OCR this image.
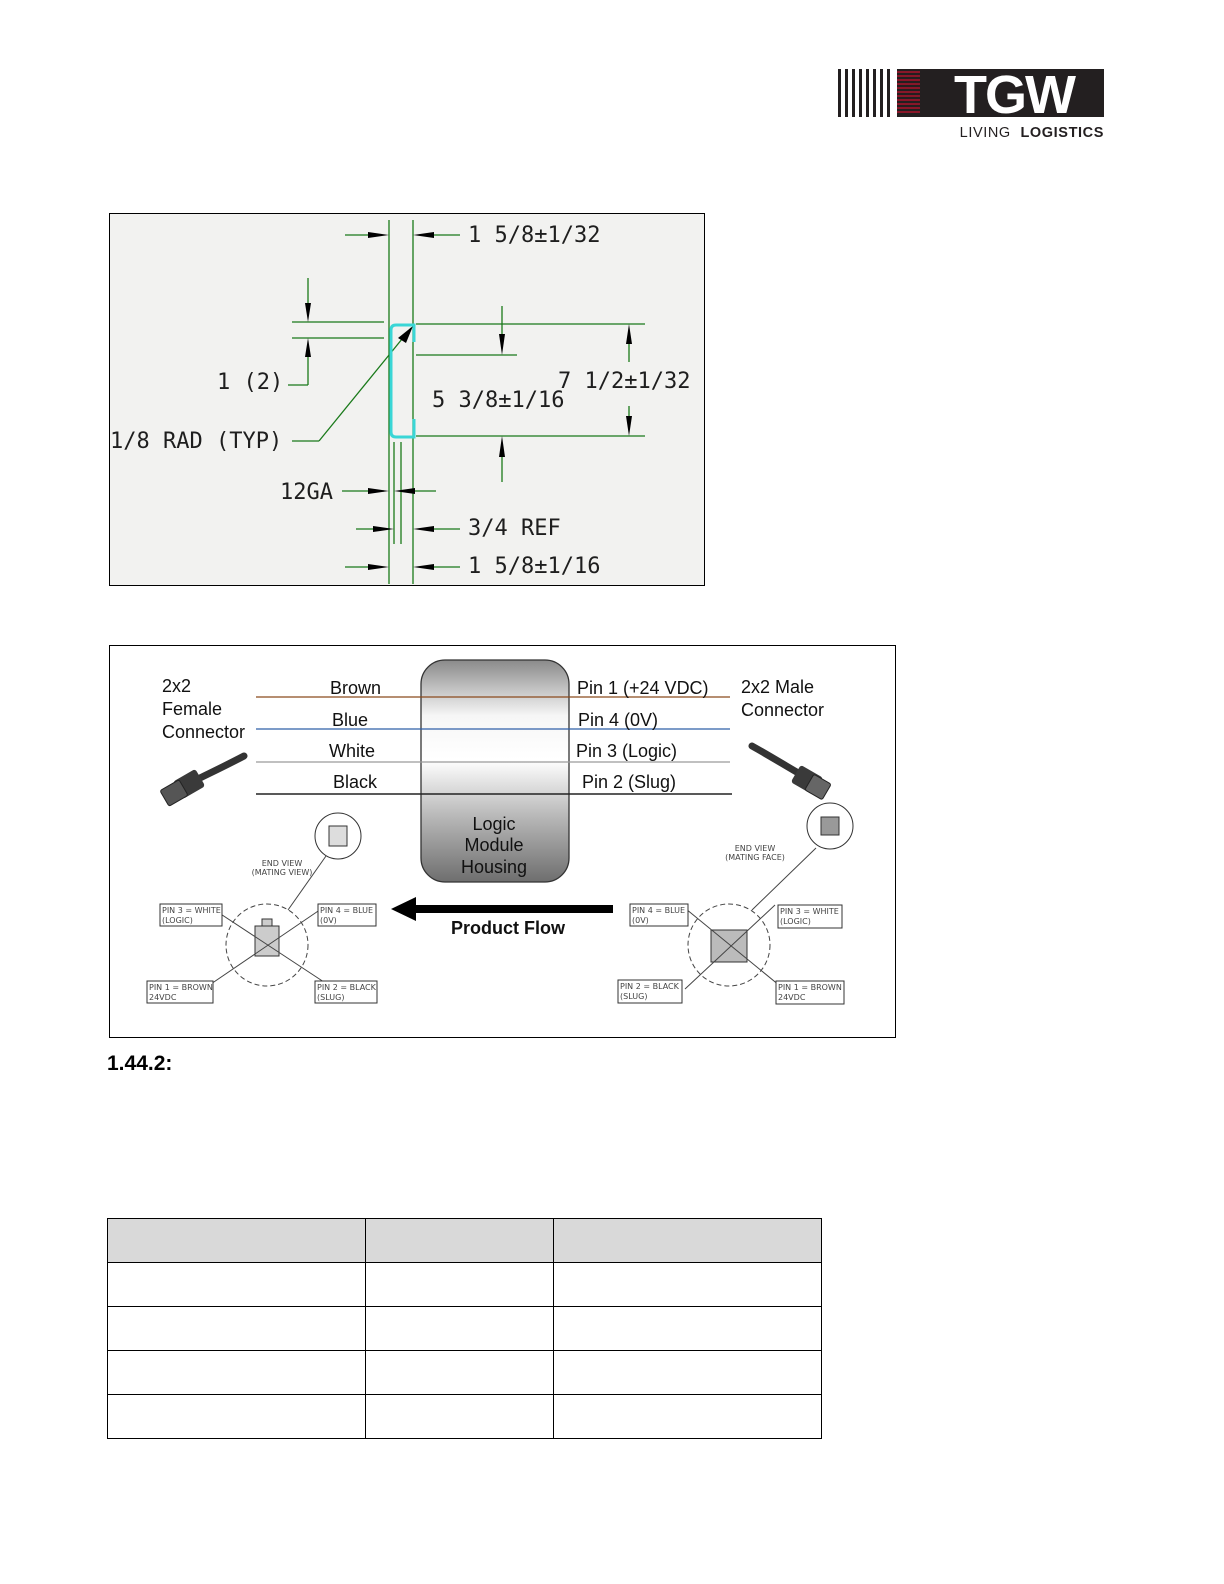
TGW
LIVING LOGISTICS
1 5/8±1/32
1 (2)
1/8 RAD (TYP)
5 3/8±1/16
7 1/2±1/32
12GA
3/4 REF
1 5/8±1/16
Brown
Blue
White
Black
Pin 1 (+24 VDC)
Pin 4 (0V)
Pin 3 (Logic)
Pin 2 (Slug)
2x2
Female
Connector
2x2 Male
Connector
Logic
Module
Housing
Product Flow
END VIEW
(MATING VIEW)
PIN 3 = WHITE
(LOGIC)
PIN 4 = BLUE
(0V)
PIN 1 = BROWN
24VDC
PIN 2 = BLACK
(SLUG)
END VIEW
(MATING FACE)
PIN 4 = BLUE
(0V)
PIN 3 = WHITE
(LOGIC)
PIN 2 = BLACK
(SLUG)
PIN 1 = BROWN
24VDC
1.44.2:
